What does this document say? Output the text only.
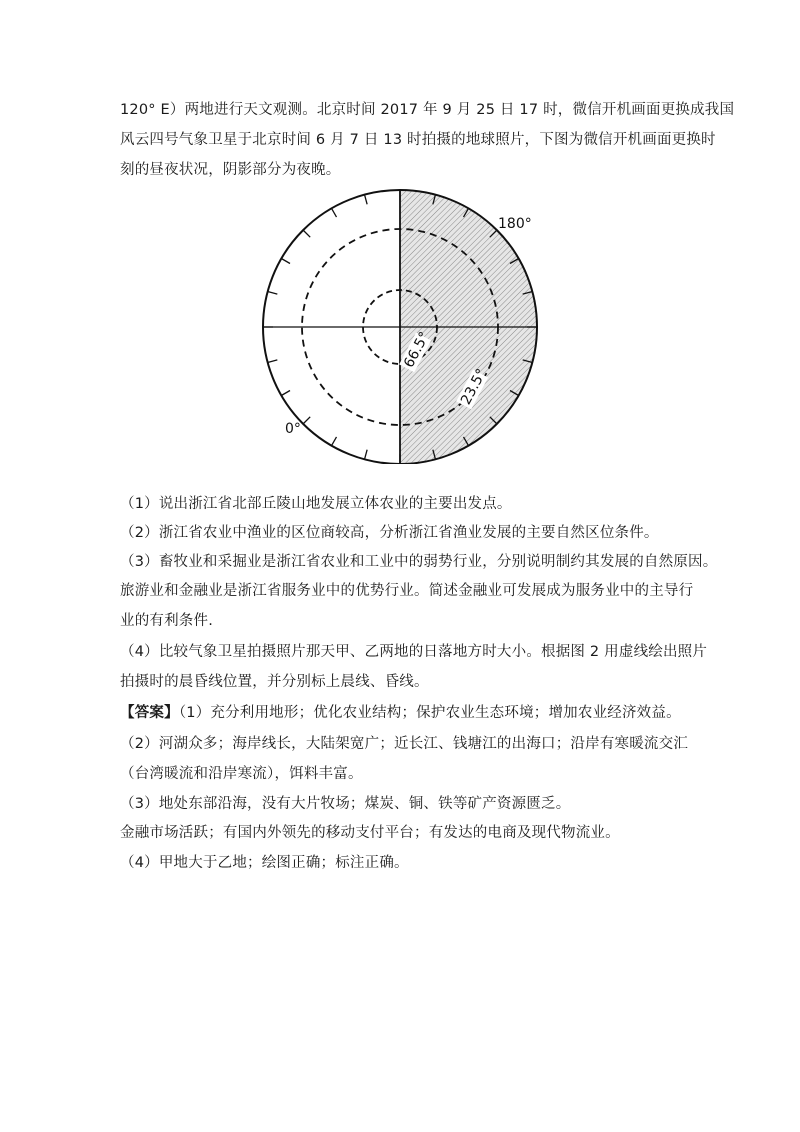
120° E）两地进行天文观测。北京时间 2017 年 9 月 25 日 17 时，微信开机画面更换成我国
风云四号气象卫星于北京时间 6 月 7 日 13 时拍摄的地球照片，下图为微信开机画面更换时
刻的昼夜状况，阴影部分为夜晚。
180°
0°
66.5°
23.5°
（1）说出浙江省北部丘陵山地发展立体农业的主要出发点。
（2）浙江省农业中渔业的区位商较高，分析浙江省渔业发展的主要自然区位条件。
（3）畜牧业和采掘业是浙江省农业和工业中的弱势行业，分别说明制约其发展的自然原因。
旅游业和金融业是浙江省服务业中的优势行业。简述金融业可发展成为服务业中的主导行
业的有利条件.
（4）比较气象卫星拍摄照片那天甲、乙两地的日落地方时大小。根据图 2 用虚线绘出照片
拍摄时的晨昏线位置，并分别标上晨线、昏线。
【答案】（1）充分利用地形；优化农业结构；保护农业生态环境；增加农业经济效益。
（2）河湖众多；海岸线长，大陆架宽广；近长江、钱塘江的出海口；沿岸有寒暖流交汇
（台湾暖流和沿岸寒流），饵料丰富。
（3）地处东部沿海，没有大片牧场；煤炭、铜、铁等矿产资源匮乏。
金融市场活跃；有国内外领先的移动支付平台；有发达的电商及现代物流业。
（4）甲地大于乙地；绘图正确；标注正确。
